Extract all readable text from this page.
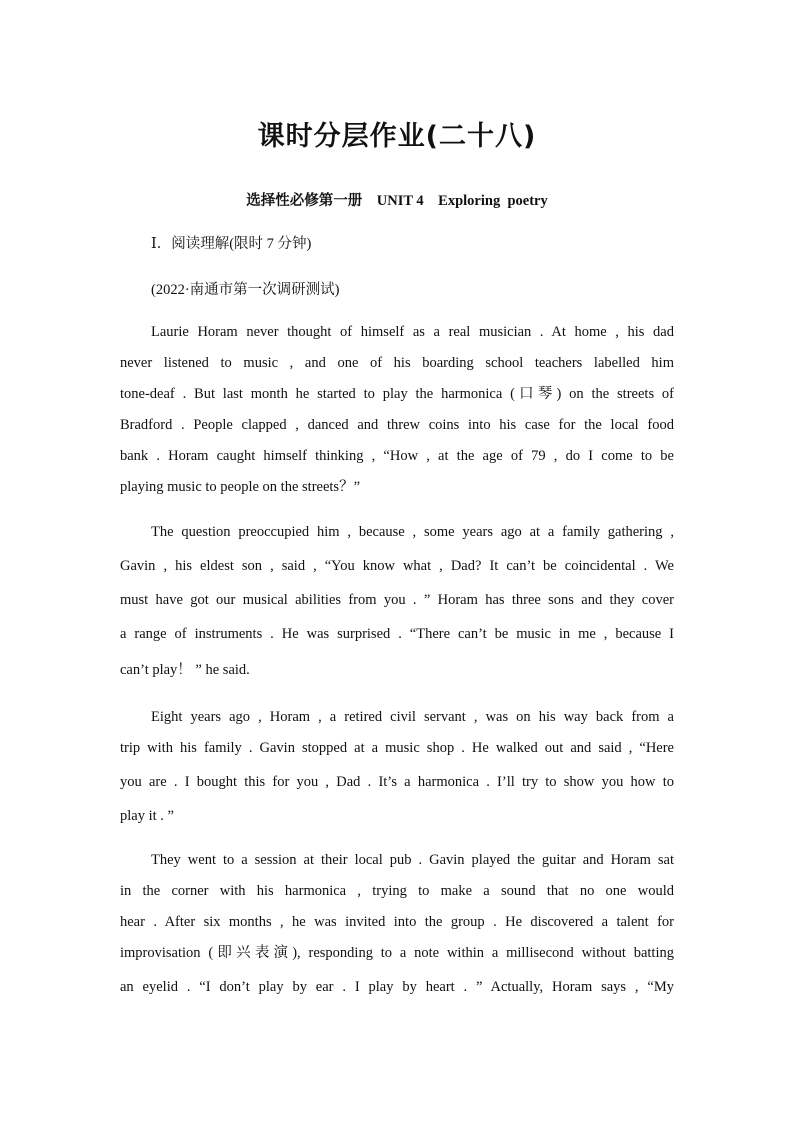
课时分层作业(二十八)
选择性必修第一册    UNIT 4    Exploring  poetry
Ⅰ．阅读理解(限时 7 分钟)
(2022·南通市第一次调研测试)
Laurie Horam never thought of himself as a real musician . At home , his dad
never listened to music , and one of his boarding school teachers labelled him
tone-deaf . But last month he started to play the harmonica (口琴) on the streets of
Bradford . People clapped , danced and threw coins into his case for the local food
bank . Horam caught himself thinking , “How , at the age of 79 , do I come to be
playing music to people on the streets？”
The question preoccupied him , because , some years ago at a family gathering ,
Gavin , his eldest son , said , “You know what , Dad? It can’t be coincidental . We
must have got our musical abilities from you . ” Horam has three sons and they cover
a range of instruments . He was surprised . “There can’t be music in me , because I
can’t play！ ” he said.
Eight years ago , Horam , a retired civil servant , was on his way back from a
trip with his family . Gavin stopped at a music shop . He walked out and said , “Here
you are . I bought this for you , Dad . It’s a harmonica . I’ll try to show you how to
play it . ”
They went to a session at their local pub . Gavin played the guitar and Horam sat
in the corner with his harmonica , trying to make a sound that no one would
hear . After six months , he was invited into the group . He discovered a talent for
improvisation (即兴表演), responding to a note within a millisecond without batting
an eyelid . “I don’t play by ear . I play by heart . ” Actually, Horam says , “My
